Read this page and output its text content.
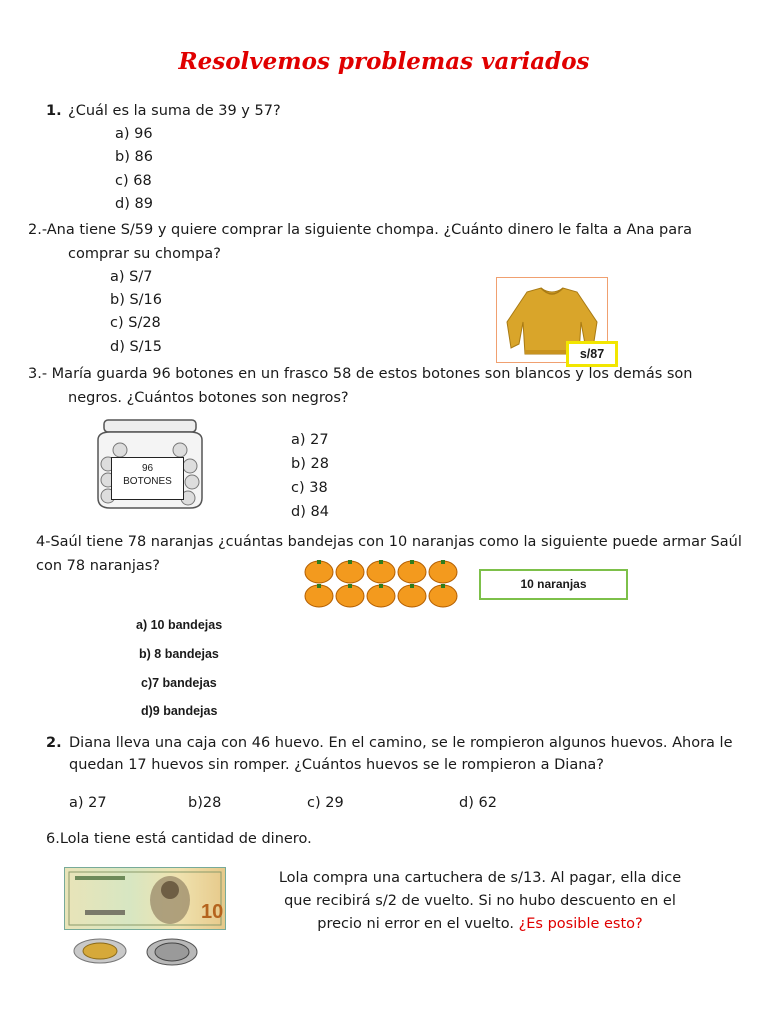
Resolvemos problemas variados
1. ¿Cuál es la suma de 39 y 57?
a) 96
b) 86
c) 68
d) 89
2.-Ana tiene S/59 y quiere comprar la siguiente chompa. ¿Cuánto dinero le falta a Ana para
comprar su chompa?
a) S/7
b) S/16
c) S/28
d) S/15	s/87
3.- María guarda 96 botones en un frasco 58 de estos botones son blancos y los demás son
negros. ¿Cuántos botones son negros?
96
BOTONES
a) 27
b) 28
c) 38
d) 84
4-Saúl tiene 78 naranjas ¿cuántas bandejas con 10 naranjas como la siguiente puede armar Saúl
con 78 naranjas?
10 naranjas
a) 10 bandejas
b) 8 bandejas
c)7 bandejas
d)9 bandejas
2. Diana lleva una caja con 46 huevo. En el camino, se le rompieron algunos huevos. Ahora le
quedan 17 huevos sin romper. ¿Cuántos huevos se le rompieron a Diana?
a) 27	b)28	c) 29	d) 62
6.Lola tiene está cantidad de dinero.
10
Lola compra una cartuchera de s/13. Al pagar, ella dice
que recibirá s/2 de vuelto. Si no hubo descuento en el
precio ni error en el vuelto. ¿Es posible esto?
